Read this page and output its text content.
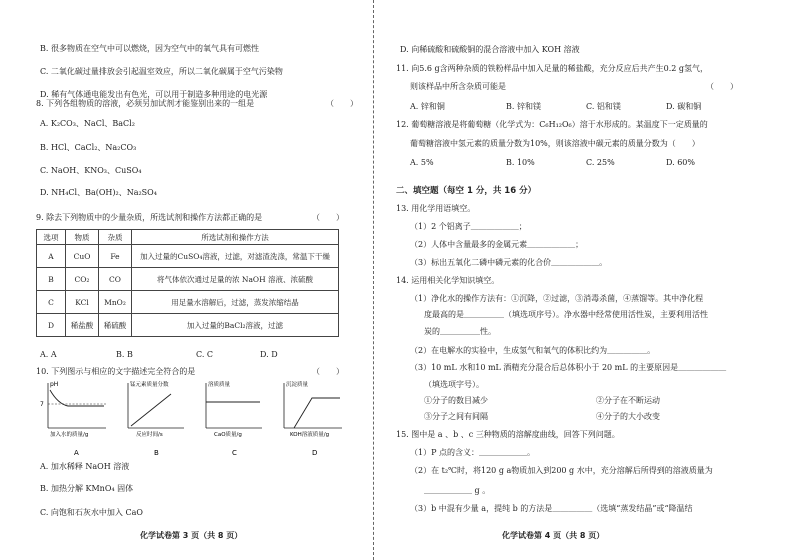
B. 很多物质在空气中可以燃烧，因为空气中的氧气具有可燃性
C. 二氧化碳过量排放会引起温室效应，所以二氧化碳属于空气污染物
D. 稀有气体通电能发出有色光，可以用于制造多种用途的电光源
8. 下列各组物质的溶液，必须另加试剂才能鉴别出来的一组是	（　　）
A. K₂CO₃、NaCl、BaCl₂
B. HCl、CaCl₂、Na₂CO₃
C. NaOH、KNO₃、CuSO₄
D. NH₄Cl、Ba(OH)₂、Na₂SO₄
9. 除去下列物质中的少量杂质，所选试剂和操作方法都正确的是	（　　）
选项	物质	杂质	所选试剂和操作方法
A	CuO	Fe	加入过量的CuSO₄溶液，过滤，对滤渣洗涤，常温下干燥
B	CO₂	CO	将气体依次通过足量的浓 NaOH 溶液、浓硫酸
C	KCl	MnO₂	用足量水溶解后，过滤，蒸发浓缩结晶
D	稀盐酸	稀硫酸	加入过量的BaCl₂溶液，过滤
A. A	B. B	C. C	D. D
10. 下列图示与相应的文字描述完全符合的是	（　　）
pH
7
加入水的质量/g
A
锰元素质量分数
反应时间/s
B
溶质质量
CaO质量/g
C
沉淀质量
KOH溶液质量/g
D
A. 加水稀释 NaOH 溶液
B. 加热分解 KMnO₄ 固体
C. 向饱和石灰水中加入 CaO
化学试卷第 3 页（共 8 页）
D. 向稀硫酸和硫酸铜的混合溶液中加入 KOH 溶液
11. 向5.6 g含两种杂质的铁粉样品中加入足量的稀盐酸，充分反应后共产生0.2 g氢气，
则该样品中所含杂质可能是	（　　）
A. 锌和铜	B. 锌和镁	C. 铝和镁	D. 碳和铜
12. 葡萄糖溶液是将葡萄糖（化学式为：C₆H₁₂O₆）溶于水形成的。某温度下一定质量的
葡萄糖溶液中氢元素的质量分数为10%，则该溶液中碳元素的质量分数为（　　）
A. 5%	B. 10%	C. 25%	D. 60%
二、填空题（每空 1 分，共 16 分）
13. 用化学用语填空。
（1）2 个铝离子＿＿＿＿＿＿；
（2）人体中含量最多的金属元素＿＿＿＿＿＿；
（3）标出五氧化二磷中磷元素的化合价＿＿＿＿＿＿。
14. 运用相关化学知识填空。
（1）净化水的操作方法有：①沉降，②过滤，③消毒杀菌，④蒸馏等。其中净化程
度最高的是＿＿＿＿＿（填选项序号）。净水器中经常使用活性炭，主要利用活性
炭的＿＿＿＿＿性。
（2）在电解水的实验中，生成氢气和氧气的体积比约为＿＿＿＿＿。
（3）10 mL 水和10 mL 酒精充分混合后总体积小于 20 mL 的主要原因是＿＿＿＿＿＿
（填选项字号）。
①分子的数目减少	②分子在不断运动
③分子之间有间隔	④分子的大小改变
15. 图中是 a 、b 、c 三种物质的溶解度曲线，回答下列问题。
（1）P 点的含义：＿＿＿＿＿＿。
（2）在 t₂℃时，将120 g a物质加入到200 g 水中，充分溶解后所得到的溶液质量为
＿＿＿＿＿＿ g 。
（3）b 中混有少量 a，提纯 b 的方法是＿＿＿＿＿（选填“蒸发结晶”或“降温结
化学试卷第 4 页（共 8 页）
